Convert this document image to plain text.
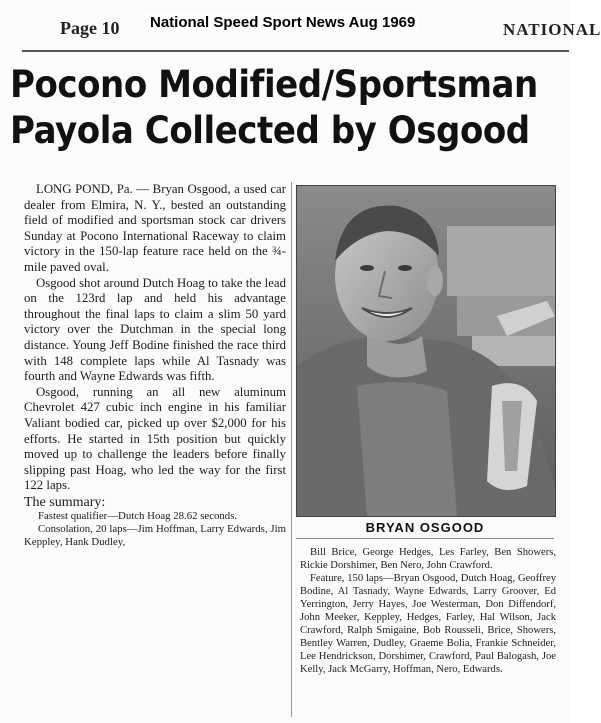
Page 10 National Speed Sport News Aug 1969	NATIONAL
Pocono Modified/Sportsman
Payola Collected by Osgood

LONG POND, Pa. — Bryan Osgood, a used car dealer from Elmira, N. Y., bested an outstanding field of modified and sportsman stock car drivers Sunday at Pocono International Raceway to claim victory in the 150-lap feature race held on the ¾-mile paved oval.

Osgood shot around Dutch Hoag to take the lead on the 123rd lap and held his advantage throughout the final laps to claim a slim 50 yard victory over the Dutchman in the special long distance. Young Jeff Bodine finished the race third with 148 complete laps while Al Tasnady was fourth and Wayne Edwards was fifth.

Osgood, running an all new aluminum Chevrolet 427 cubic inch engine in his familiar Valiant bodied car, picked up over $2,000 for his efforts. He started in 15th position but quickly moved up to challenge the leaders before finally slipping past Hoag, who led the way for the first 122 laps.

The summary:

Fastest qualifier—Dutch Hoag 28.62 seconds.

Consolation, 20 laps—Jim Hoffman, Larry Edwards, Jim Keppley, Hank Dudley,

BRYAN OSGOOD

Bill Brice, George Hedges, Les Farley, Ben Showers, Rickie Dorshimer, Ben Nero, John Crawford.

Feature, 150 laps—Bryan Osgood, Dutch Hoag, Geoffrey Bodine, Al Tasnady, Wayne Edwards, Larry Groover, Ed Yerrington, Jerry Hayes, Joe Westerman, Don Diffendorf, John Meeker, Keppley, Hedges, Farley, Hal Wilson, Jack Crawford, Ralph Smigaine, Bob Rousseli, Brice, Showers, Bentley Warren, Dudley, Graeme Bolia, Frankie Schneider, Lee Hendrickson, Dorshimer, Crawford, Paul Balogash, Joe Kelly, Jack McGarry, Hoffman, Nero, Edwards.
